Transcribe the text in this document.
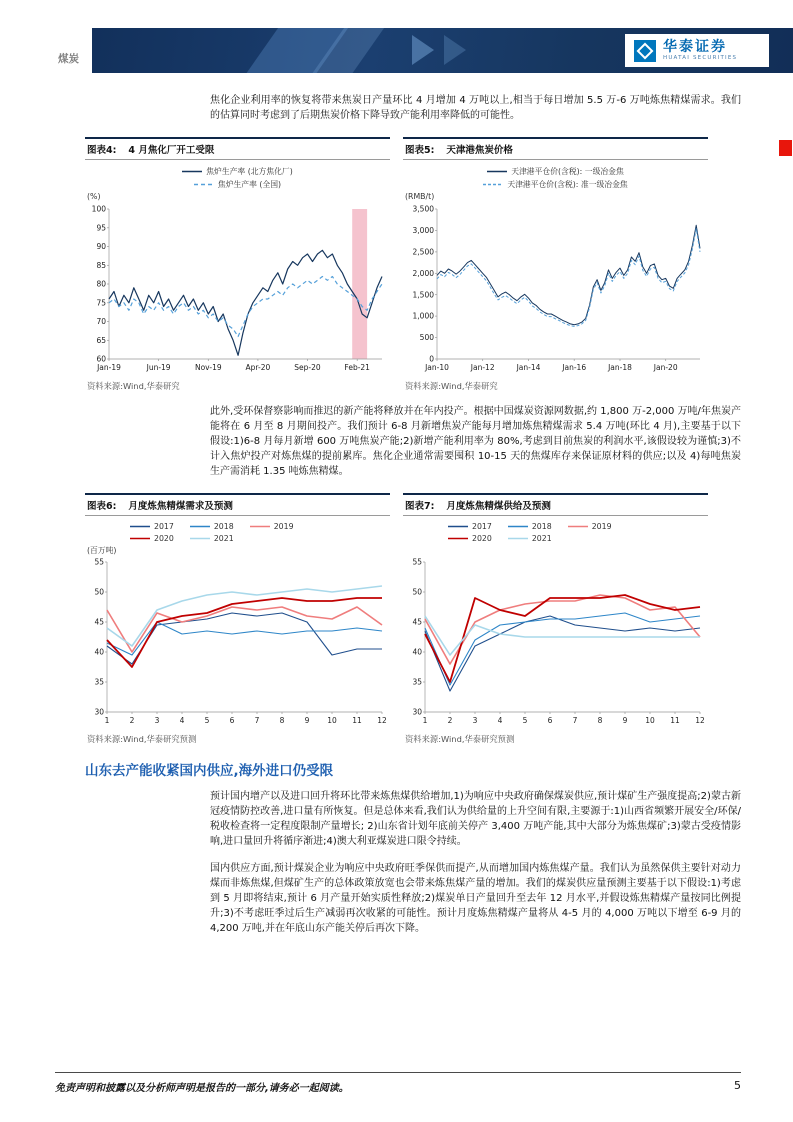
华泰证券
HUATAI SECURITIES
煤炭

焦化企业利用率的恢复将带来焦炭日产量环比 4 月增加 4 万吨以上,相当于每日增加 5.5 万-6 万吨炼焦精煤需求。我们的估算同时考虑到了后期焦炭价格下降导致产能利用率降低的可能性。

图表4: 4 月焦化厂开工受限
焦炉生产率 (北方焦化厂)
焦炉生产率 (全国)
(%)
60
65
70
75
80
85
90
95
100
Jan-19	Jun-19	Nov-19	Apr-20	Sep-20	Feb-21
资料来源:Wind,华泰研究
图表5: 天津港焦炭价格
天津港平仓价(含税): 一级冶金焦
天津港平仓价(含税): 准一级冶金焦
(RMB/t)
0
500
1,000
1,500
2,000
2,500
3,000
3,500
Jan-10	Jan-12	Jan-14	Jan-16	Jan-18	Jan-20
资料来源:Wind,华泰研究

此外,受环保督察影响而推迟的新产能将释放并在年内投产。根据中国煤炭资源网数据,约 1,800 万-2,000 万吨/年焦炭产能将在 6 月至 8 月期间投产。我们预计 6-8 月新增焦炭产能每月增加炼焦精煤需求 5.4 万吨(环比 4 月),主要基于以下假设:1)6-8 月每月新增 600 万吨焦炭产能;2)新增产能利用率为 80%,考虑到目前焦炭的利润水平,该假设较为谨慎;3)不计入焦炉投产对炼焦煤的提前累库。焦化企业通常需要囤积 10-15 天的焦煤库存来保证原材料的供应;以及 4)每吨焦炭生产需消耗 1.35 吨炼焦精煤。

图表6: 月度炼焦精煤需求及预测
2017	2018	2019
2020	2021
(百万吨)
30
35
40
45
50
55
1	2	3	4	5	6	7	8	9 10 11 12
资料来源:Wind,华泰研究预测
图表7: 月度炼焦精煤供给及预测
2017	2018	2019
2020	2021
30
35
40
45
50
55
1	2	3	4	5	6	7	8	9 10 11 12
资料来源:Wind,华泰研究预测
山东去产能收紧国内供应,海外进口仍受限

预计国内增产以及进口回升将环比带来炼焦煤供给增加,1)为响应中央政府确保煤炭供应,预计煤矿生产强度提高;2)蒙古新冠疫情防控改善,进口量有所恢复。但是总体来看,我们认为供给量的上升空间有限,主要源于:1)山西省频繁开展安全/环保/税收检查将一定程度限制产量增长; 2)山东省计划年底前关停产 3,400 万吨产能,其中大部分为炼焦煤矿;3)蒙古受疫情影响,进口量回升将循序渐进;4)澳大利亚煤炭进口限令持续。

国内供应方面,预计煤炭企业为响应中央政府旺季保供而提产,从而增加国内炼焦煤产量。我们认为虽然保供主要针对动力煤而非炼焦煤,但煤矿生产的总体政策放宽也会带来炼焦煤产量的增加。我们的煤炭供应量预测主要基于以下假设:1)考虑到 5 月即将结束,预计 6 月产量开始实质性释放;2)煤炭单日产量回升至去年 12 月水平,并假设炼焦精煤产量按同比例提升;3)不考虑旺季过后生产减弱再次收紧的可能性。预计月度炼焦精煤产量将从 4-5 月的 4,000 万吨以下增至 6-9 月的 4,200 万吨,并在年底山东产能关停后再次下降。

免责声明和披露以及分析师声明是报告的一部分,请务必一起阅读。	5
